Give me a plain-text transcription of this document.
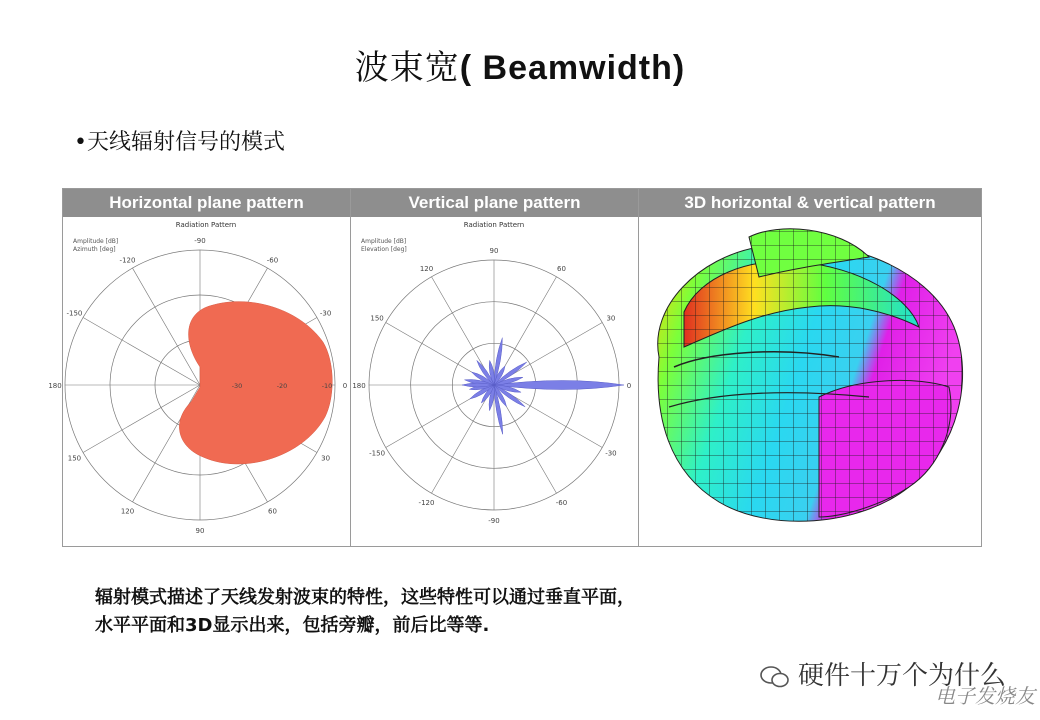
波束宽( Beamwidth)
•天线辐射信号的模式
Horizontal plane pattern
Radiation Pattern
Amplitude [dB]
Azimuth [deg]
-90
-60
-30
0
30
60
90
120
150
180
-150
-120
-30	-20	-10
Vertical plane pattern
Radiation Pattern
Amplitude [dB]
Elevation [deg]	90
60
30
0
-30
-60
-90
-120
-150
180
150
120
3D horizontal & vertical pattern
辐射模式描述了天线发射波束的特性，这些特性可以通过垂直平面，
水平平面和3D显示出来，包括旁瓣，前后比等等.
硬件十万个为什么
电子发烧友
